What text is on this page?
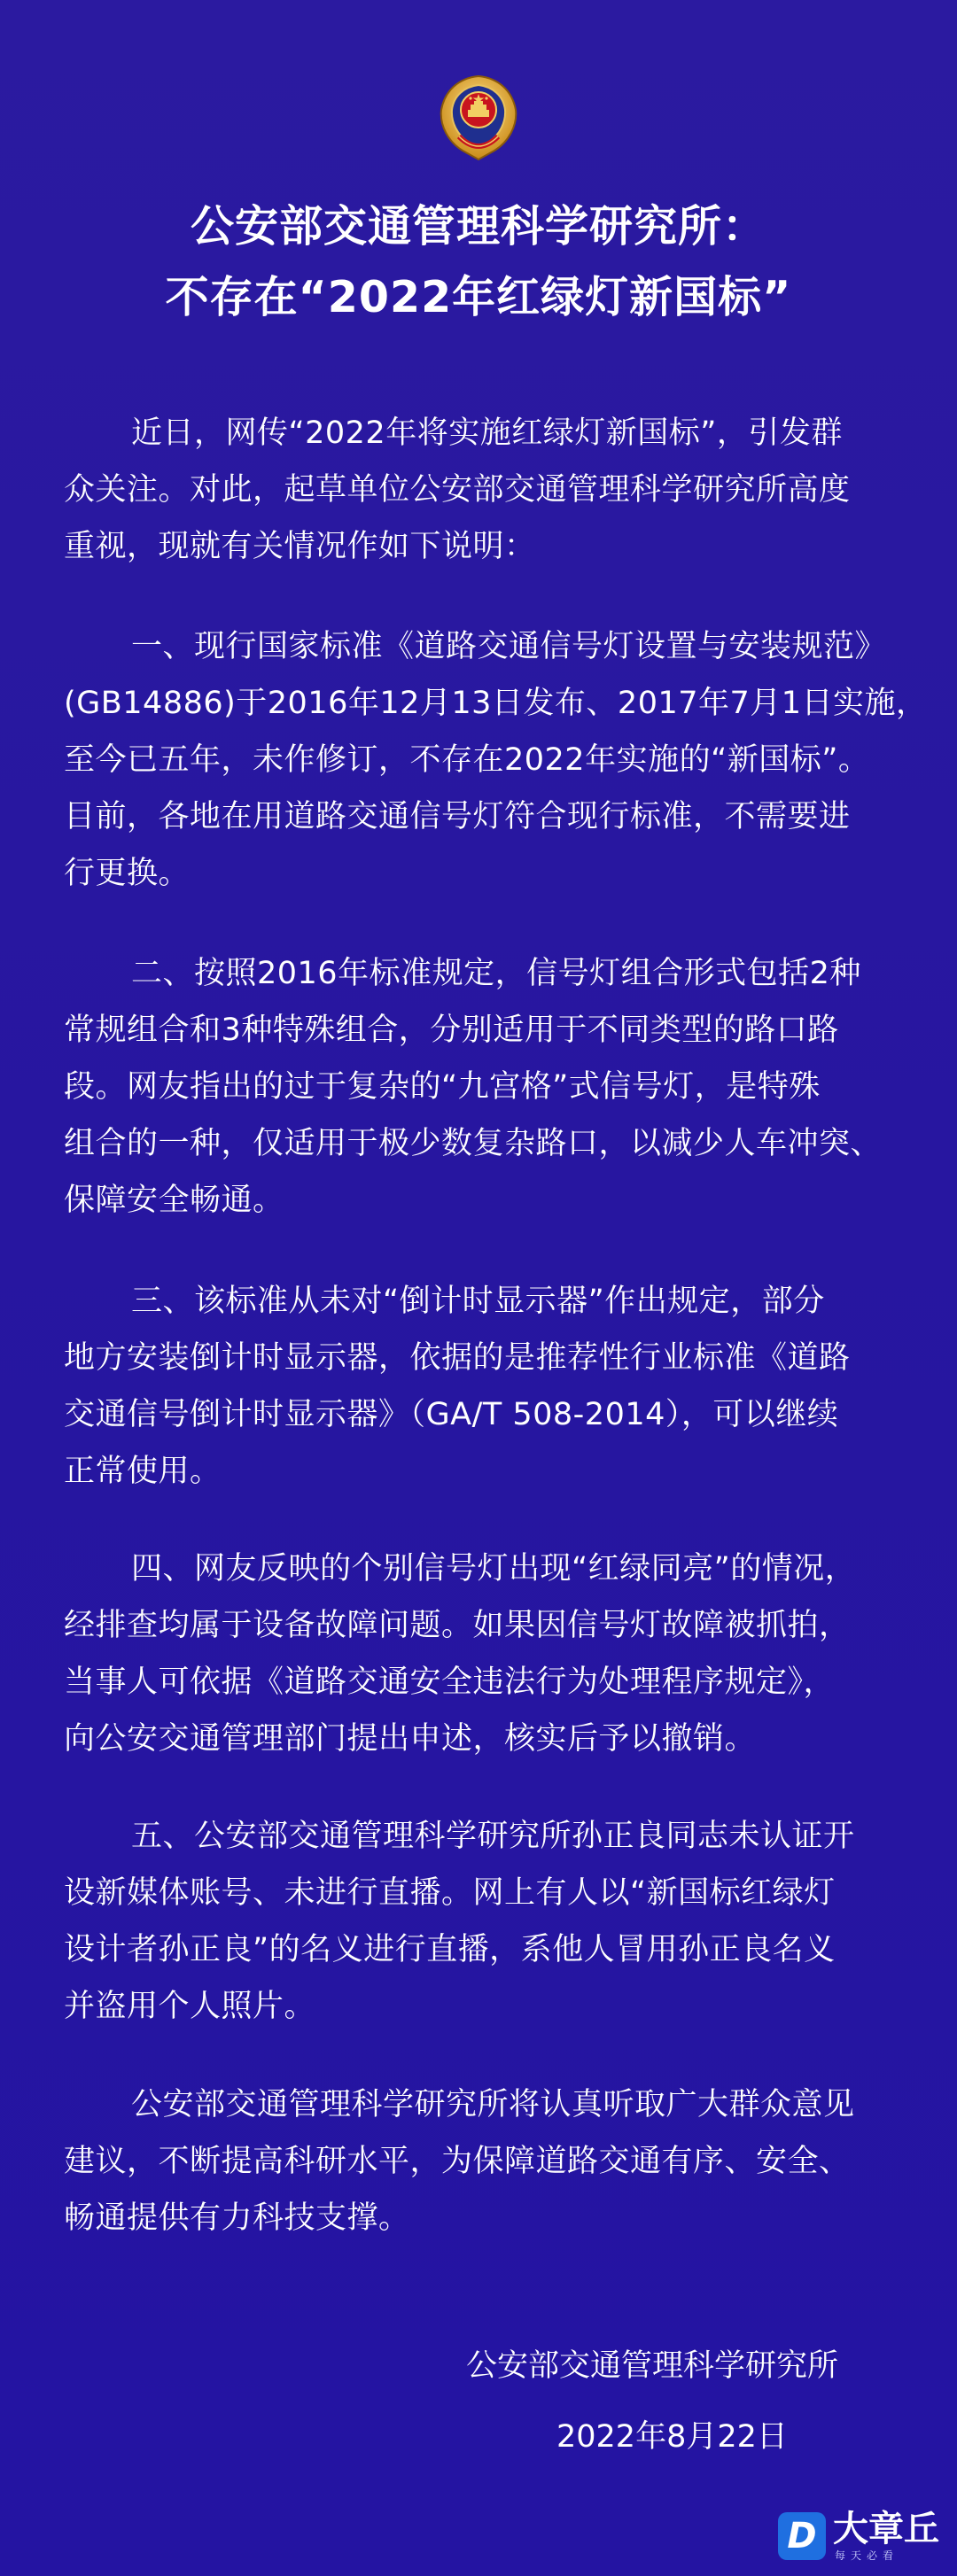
公安部交通管理科学研究所：
不存在“2022年红绿灯新国标”
近日，网传“2022年将实施红绿灯新国标”，引发群
众关注。对此，起草单位公安部交通管理科学研究所高度
重视，现就有关情况作如下说明：
一、现行国家标准《道路交通信号灯设置与安装规范》
(GB14886)于2016年12月13日发布、2017年7月1日实施，
至今已五年，未作修订，不存在2022年实施的“新国标”。
目前，各地在用道路交通信号灯符合现行标准，不需要进
行更换。
二、按照2016年标准规定，信号灯组合形式包括2种
常规组合和3种特殊组合，分别适用于不同类型的路口路
段。网友指出的过于复杂的“九宫格”式信号灯，是特殊
组合的一种，仅适用于极少数复杂路口，以减少人车冲突、
保障安全畅通。
三、该标准从未对“倒计时显示器”作出规定，部分
地方安装倒计时显示器，依据的是推荐性行业标准《道路
交通信号倒计时显示器》（GA/T 508-2014），可以继续
正常使用。
四、网友反映的个别信号灯出现“红绿同亮”的情况，
经排查均属于设备故障问题。如果因信号灯故障被抓拍，
当事人可依据《道路交通安全违法行为处理程序规定》，
向公安交通管理部门提出申述，核实后予以撤销。
五、公安部交通管理科学研究所孙正良同志未认证开
设新媒体账号、未进行直播。网上有人以“新国标红绿灯
设计者孙正良”的名义进行直播，系他人冒用孙正良名义
并盗用个人照片。
公安部交通管理科学研究所将认真听取广大群众意见
建议，不断提高科研水平，为保障道路交通有序、安全、
畅通提供有力科技支撑。
公安部交通管理科学研究所
2022年8月22日
D 大章丘
每天必看
